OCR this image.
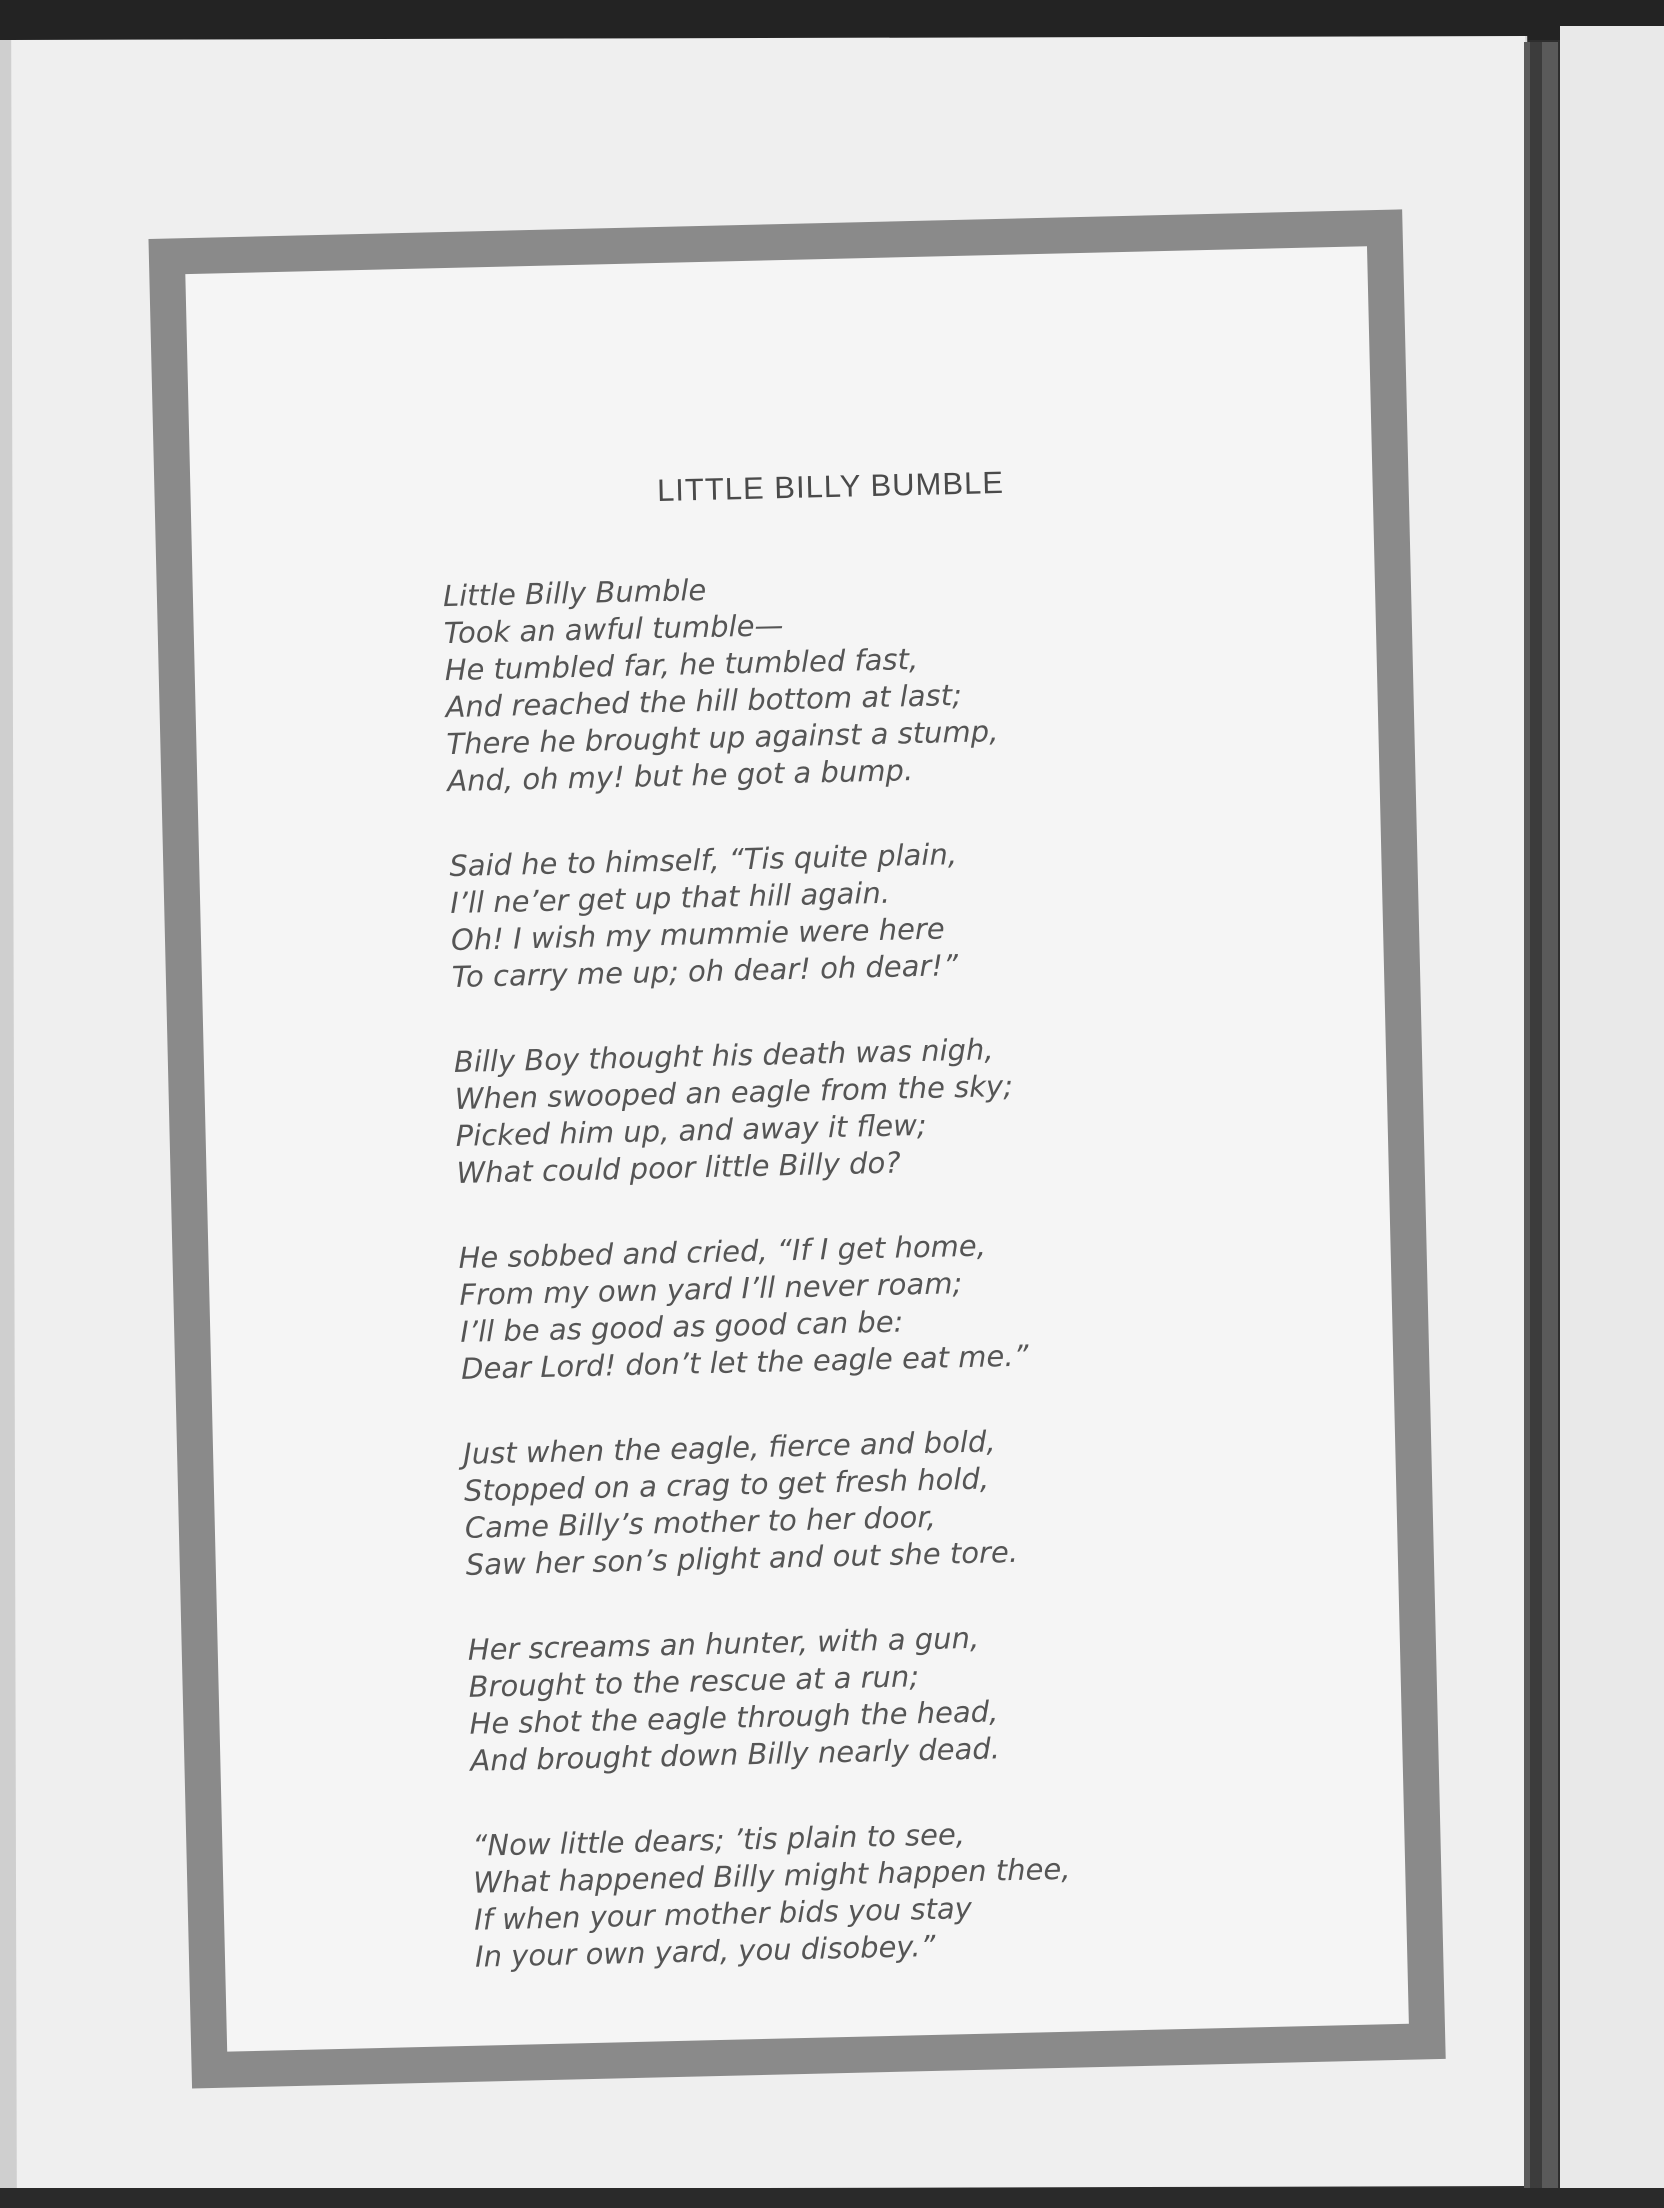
LITTLE BILLY BUMBLE
Little Billy Bumble
Took an awful tumble—
He tumbled far, he tumbled fast,
And reached the hill bottom at last;
There he brought up against a stump,
And, oh my! but he got a bump.
Said he to himself, “Tis quite plain,
I’ll ne’er get up that hill again.
Oh! I wish my mummie were here
To carry me up; oh dear! oh dear!”
Billy Boy thought his death was nigh,
When swooped an eagle from the sky;
Picked him up, and away it flew;
What could poor little Billy do?
He sobbed and cried, “If I get home,
From my own yard I’ll never roam;
I’ll be as good as good can be:
Dear Lord! don’t let the eagle eat me.”
Just when the eagle, fierce and bold,
Stopped on a crag to get fresh hold,
Came Billy’s mother to her door,
Saw her son’s plight and out she tore.
Her screams an hunter, with a gun,
Brought to the rescue at a run;
He shot the eagle through the head,
And brought down Billy nearly dead.
“Now little dears; ’tis plain to see,
What happened Billy might happen thee,
If when your mother bids you stay
In your own yard, you disobey.”
